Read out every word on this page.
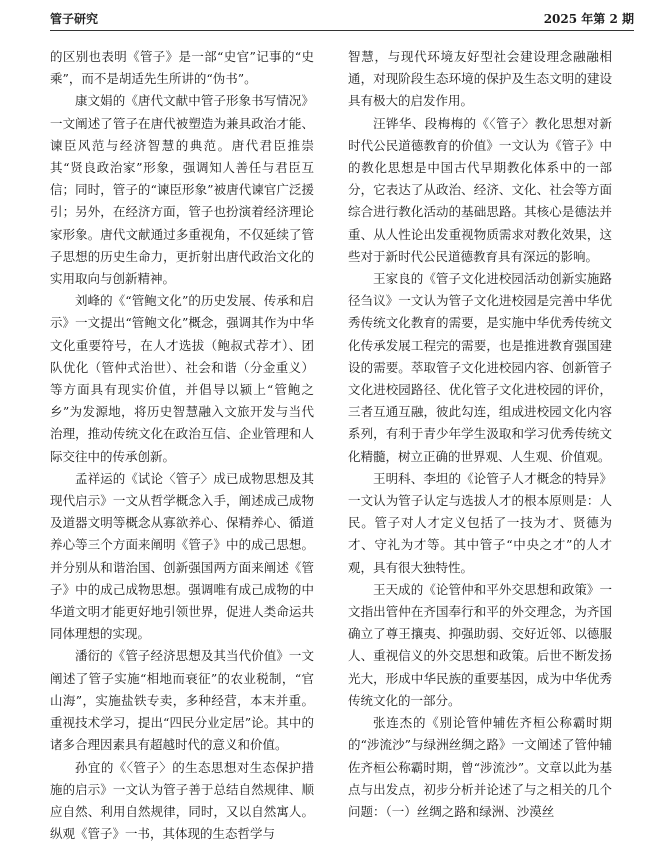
管子研究	2025 年第 2 期

的区别也表明《管子》是一部“史官”记事的“史乘”，而不是胡适先生所讲的“伪书”。

康文娟的《唐代文献中管子形象书写情况》一文阐述了管子在唐代被塑造为兼具政治才能、谏臣风范与经济智慧的典范。唐代君臣推崇其“贤良政治家”形象，强调知人善任与君臣互信；同时，管子的“谏臣形象”被唐代谏官广泛援引；另外，在经济方面，管子也扮演着经济理论家形象。唐代文献通过多重视角，不仅延续了管子思想的历史生命力，更折射出唐代政治文化的实用取向与创新精神。

刘峰的《“管鲍文化”的历史发展、传承和启示》一文提出“管鲍文化”概念，强调其作为中华文化重要符号，在人才选拔（鲍叔式荐才）、团队优化（管仲式治世）、社会和谐（分金重义）等方面具有现实价值，并倡导以颍上“管鲍之乡”为发源地，将历史智慧融入文旅开发与当代治理，推动传统文化在政治互信、企业管理和人际交往中的传承创新。

孟祥运的《试论〈管子〉成已成物思想及其现代启示》一文从哲学概念入手，阐述成己成物及道器文明等概念从寡欲养心、保精养心、循道养心等三个方面来阐明《管子》中的成己思想。并分别从和谐治国、创新强国两方面来阐述《管子》中的成己成物思想。强调唯有成己成物的中华道文明才能更好地引领世界，促进人类命运共同体理想的实现。

潘衍的《管子经济思想及其当代价值》一文阐述了管子实施“相地而衰征”的农业税制，“官山海”，实施盐铁专卖，多种经营，本末并重。重视技术学习，提出“四民分业定居”论。其中的诸多合理因素具有超越时代的意义和价值。

孙宜的《〈管子〉的生态思想对生态保护措施的启示》一文认为管子善于总结自然规律、顺应自然、利用自然规律，同时，又以自然寓人。纵观《管子》一书，其体现的生态哲学与

智慧，与现代环境友好型社会建设理念融融相通，对现阶段生态环境的保护及生态文明的建设具有极大的启发作用。

汪铧华、段梅梅的《〈管子〉教化思想对新时代公民道德教育的价值》一文认为《管子》中的教化思想是中国古代早期教化体系中的一部分，它表达了从政治、经济、文化、社会等方面综合进行教化活动的基础思路。其核心是德法并重、从人性论出发重视物质需求对教化效果，这些对于新时代公民道德教育具有深远的影响。

王家良的《管子文化进校园活动创新实施路径刍议》一文认为管子文化进校园是完善中华优秀传统文化教育的需要，是实施中华优秀传统文化传承发展工程完的需要，也是推进教育强国建设的需要。萃取管子文化进校园内容、创新管子文化进校园路径、优化管子文化进校园的评价，三者互通互融，彼此勾连，组成进校园文化内容系列，有利于青少年学生汲取和学习优秀传统文化精髓，树立正确的世界观、人生观、价值观。

王明科、李坦的《论管子人才概念的特异》一文认为管子认定与选拔人才的根本原则是：人民。管子对人才定义包括了一技为才、贤德为才、守礼为才等。其中管子“中央之才”的人才观，具有很大独特性。

王天成的《论管仲和平外交思想和政策》一文指出管仲在齐国奉行和平的外交理念，为齐国确立了尊王攘夷、抑强助弱、交好近邻、以德服人、重视信义的外交思想和政策。后世不断发扬光大，形成中华民族的重要基因，成为中华优秀传统文化的一部分。

张连杰的《别论管仲辅佐齐桓公称霸时期的“涉流沙”与绿洲丝绸之路》一文阐述了管仲辅佐齐桓公称霸时期，曾“涉流沙”。文章以此为基点与出发点，初步分析并论述了与之相关的几个问题：（一）丝绸之路和绿洲、沙漠丝
